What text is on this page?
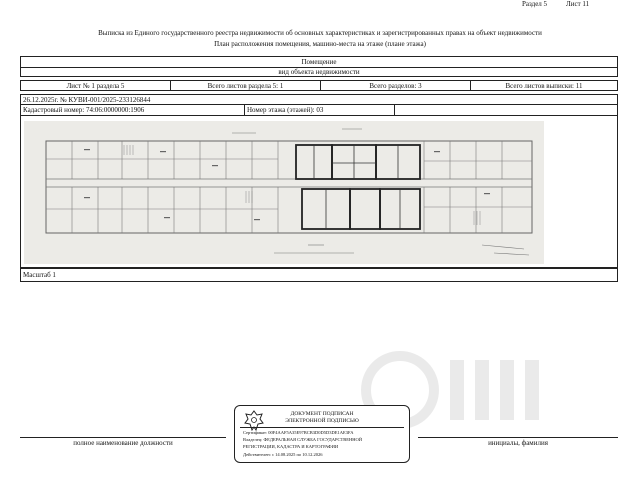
Раздел 5	Лист 11
Выписка из Единого государственного реестра недвижимости об основных характеристиках и зарегистрированных правах на объект недвижимости
План расположения помещения, машино-места на этаже (плане этажа)
Помещение
вид объекта недвижимости
Лист № 1 раздела 5	Всего листов раздела 5: 1	Всего разделов: 3	Всего листов выписки: 11
26.12.2025г. № КУВИ-001/2025-233126844
Кадастровый номер: 74:06:0000000:1906	Номер этажа (этажей): 03
Масштаб 1
полное наименование должности	инициалы, фамилия
ДОКУМЕНТ ПОДПИСАН
ЭЛЕКТРОННОЙ ПОДПИСЬЮ
Сертификат: 00F4AAF5A35E97BCB3D0D5D3DE1AE3FA
Владелец: ФЕДЕРАЛЬНАЯ СЛУЖБА ГОСУДАРСТВЕННОЙ
РЕГИСТРАЦИИ, КАДАСТРА И КАРТОГРАФИИ
Действителен: с 14.08.2025 по 10.12.2026
